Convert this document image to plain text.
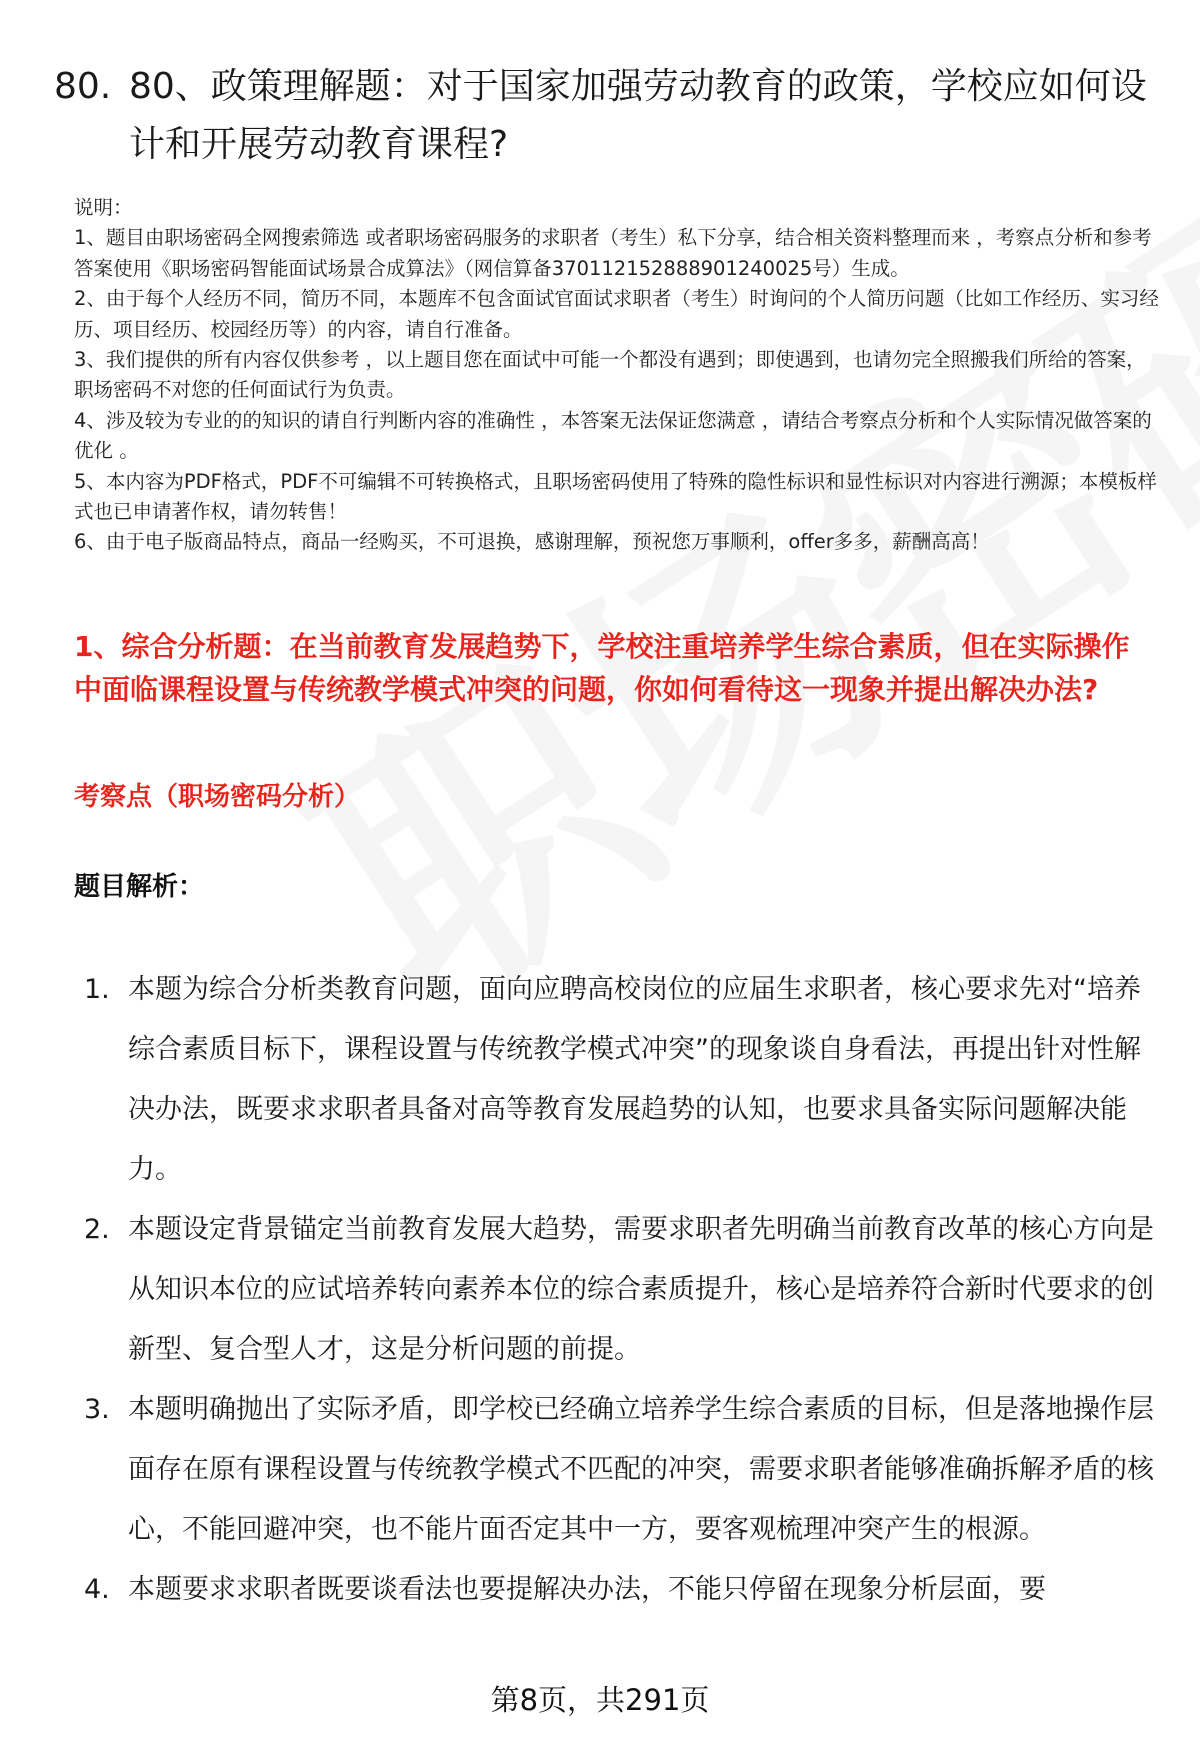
80. 80、政策理解题：对于国家加强劳动教育的政策，学校应如何设计和开展劳动教育课程?

说明：

1、题目由职场密码全网搜索筛选 或者职场密码服务的求职者（考生）私下分享，结合相关资料整理而来 ，考察点分析和参考答案使用《职场密码智能面试场景合成算法》（网信算备370112152888901240025号）生成。

2、由于每个人经历不同，简历不同，本题库不包含面试官面试求职者（考生）时询问的个人简历问题（比如工作经历、实习经历、项目经历、校园经历等）的内容，请自行准备。

3、我们提供的所有内容仅供参考 ，以上题目您在面试中可能一个都没有遇到；即使遇到，也请勿完全照搬我们所给的答案，职场密码不对您的任何面试行为负责。

4、涉及较为专业的的知识的请自行判断内容的准确性 ，本答案无法保证您满意 ，请结合考察点分析和个人实际情况做答案的优化 。

5、本内容为PDF格式，PDF不可编辑不可转换格式，且职场密码使用了特殊的隐性标识和显性标识对内容进行溯源；本模板样式也已申请著作权，请勿转售！

6、由于电子版商品特点，商品一经购买，不可退换，感谢理解，预祝您万事顺利，offer多多，薪酬高高！

1、综合分析题：在当前教育发展趋势下，学校注重培养学生综合素质，但在实际操作中面临课程设置与传统教学模式冲突的问题，你如何看待这一现象并提出解决办法?
考察点（职场密码分析）
题目解析：
1. 本题为综合分析类教育问题，面向应聘高校岗位的应届生求职者，核心要求先对“培养综合素质目标下，课程设置与传统教学模式冲突”的现象谈自身看法，再提出针对性解决办法，既要求求职者具备对高等教育发展趋势的认知，也要求具备实际问题解决能力。
2. 本题设定背景锚定当前教育发展大趋势，需要求职者先明确当前教育改革的核心方向是从知识本位的应试培养转向素养本位的综合素质提升，核心是培养符合新时代要求的创新型、复合型人才，这是分析问题的前提。
3. 本题明确抛出了实际矛盾，即学校已经确立培养学生综合素质的目标，但是落地操作层面存在原有课程设置与传统教学模式不匹配的冲突，需要求职者能够准确拆解矛盾的核心，不能回避冲突，也不能片面否定其中一方，要客观梳理冲突产生的根源。
4. 本题要求求职者既要谈看法也要提解决办法，不能只停留在现象分析层面，要
第8页，共291页
